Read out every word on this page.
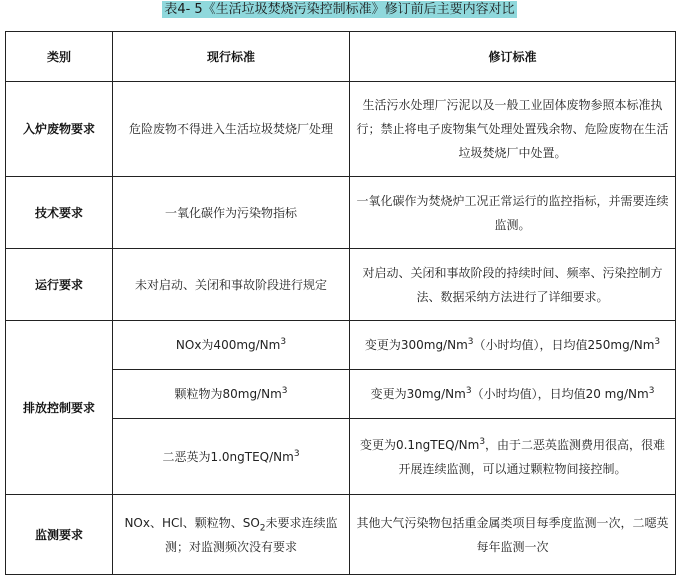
表4- 5《生活垃圾焚烧污染控制标准》修订前后主要内容对比
类别	现行标准	修订标准
入炉废物要求	危险废物不得进入生活垃圾焚烧厂处理	生活污水处理厂污泥以及一般工业固体废物参照本标准执行；禁止将电子废物集气处理处置残余物、危险废物在生活垃圾焚烧厂中处置。
技术要求	一氧化碳作为污染物指标	一氧化碳作为焚烧炉工况正常运行的监控指标，并需要连续监测。
运行要求	未对启动、关闭和事故阶段进行规定	对启动、关闭和事故阶段的持续时间、频率、污染控制方法、数据采纳方法进行了详细要求。
排放控制要求	NOx为400mg/Nm$^3$	变更为300mg/Nm$^3$（小时均值），日均值250mg/Nm$^3$
	颗粒物为80mg/Nm$^3$	变更为30mg/Nm$^3$（小时均值），日均值20 mg/Nm$^3$
	二恶英为1.0ngTEQ/Nm$^3$	变更为0.1ngTEQ/Nm$^3$，由于二恶英监测费用很高，很难开展连续监测，可以通过颗粒物间接控制。
监测要求	NOx、HCl、颗粒物、$SO_2$未要求连续监测；对监测频次没有要求	其他大气污染物包括重金属类项目每季度监测一次，二噁英每年监测一次
